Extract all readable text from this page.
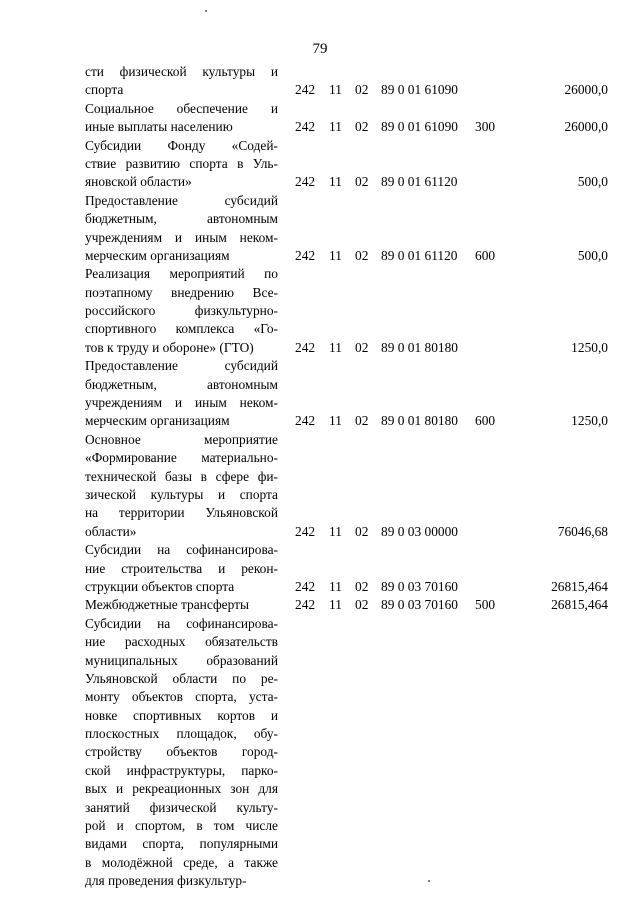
79
сти физической культуры и
спорта	242 11 02 89 0 01 61090	26000,0
Социальное обеспечение и
иные выплаты населению	242 11 02 89 0 01 61090 300	26000,0
Субсидии Фонду «Содей-
ствие развитию спорта в Уль-
яновской области»	242 11 02 89 0 01 61120	500,0
Предоставление субсидий
бюджетным, автономным
учреждениям и иным неком-
мерческим организациям	242 11 02 89 0 01 61120 600	500,0
Реализация мероприятий по
поэтапному внедрению Все-
российского физкультурно-
спортивного комплекса «Го-
тов к труду и обороне» (ГТО)	242 11 02 89 0 01 80180	1250,0
Предоставление субсидий
бюджетным, автономным
учреждениям и иным неком-
мерческим организациям	242 11 02 89 0 01 80180 600	1250,0
Основное мероприятие
«Формирование материально-
технической базы в сфере фи-
зической культуры и спорта
на территории Ульяновской
области»	242 11 02 89 0 03 00000	76046,68
Субсидии на софинансирова-
ние строительства и рекон-
струкции объектов спорта	242 11 02 89 0 03 70160	26815,464
Межбюджетные трансферты	242 11 02 89 0 03 70160 500	26815,464
Субсидии на софинансирова-
ние расходных обязательств
муниципальных образований
Ульяновской области по ре-
монту объектов спорта, уста-
новке спортивных кортов и
плоскостных площадок, обу-
стройству объектов город-
ской инфраструктуры, парко-
вых и рекреационных зон для
занятий физической культу-
рой и спортом, в том числе
видами спорта, популярными
в молодёжной среде, а также
для проведения физкультур-
